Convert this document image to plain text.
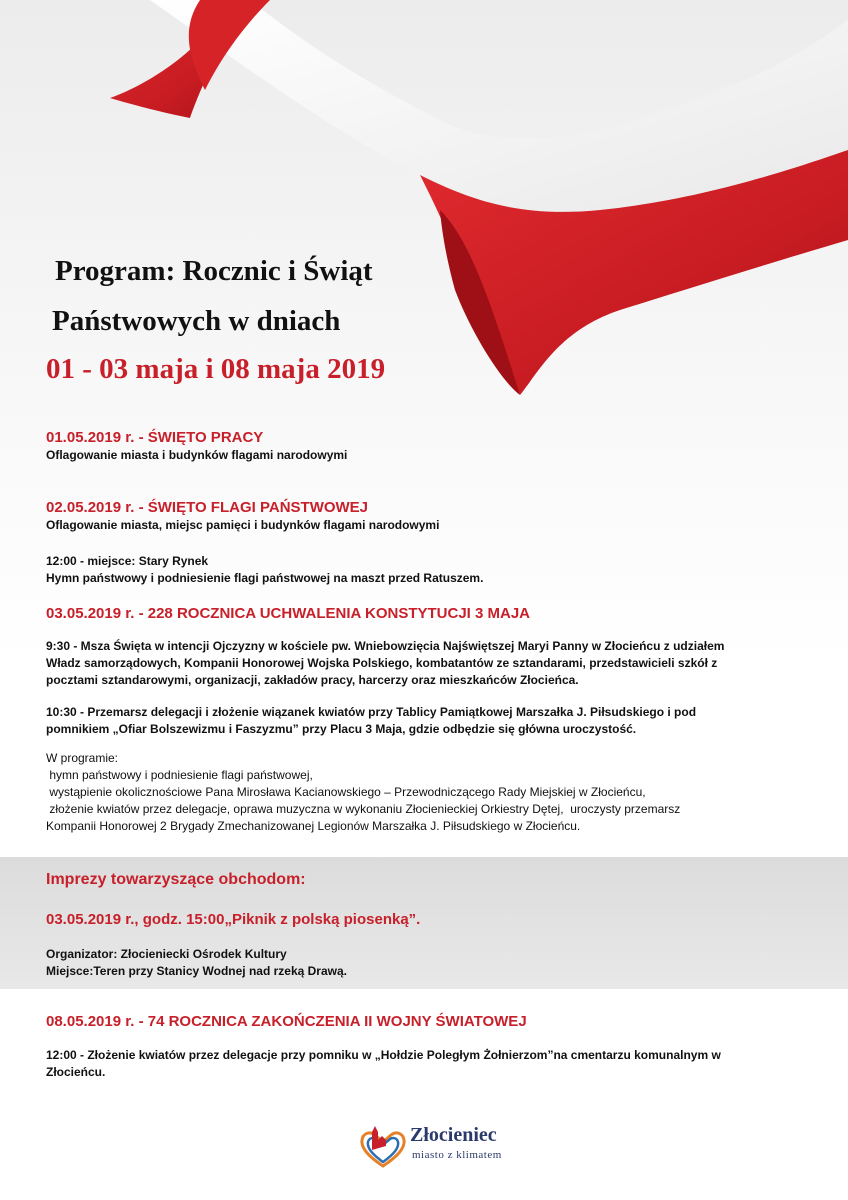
Program: Rocznic i Świąt
Państwowych w dniach
01 - 03 maja i 08 maja 2019
01.05.2019 r. - ŚWIĘTO PRACY
Oflagowanie miasta i budynków flagami narodowymi
02.05.2019 r. - ŚWIĘTO FLAGI PAŃSTWOWEJ
Oflagowanie miasta, miejsc pamięci i budynków flagami narodowymi
12:00 - miejsce: Stary Rynek
Hymn państwowy i podniesienie flagi państwowej na maszt przed Ratuszem.
03.05.2019 r. - 228 ROCZNICA UCHWALENIA KONSTYTUCJI 3 MAJA
9:30 - Msza Święta w intencji Ojczyzny w kościele pw. Wniebowzięcia Najświętszej Maryi Panny w Złocieńcu z udziałem
Władz samorządowych, Kompanii Honorowej Wojska Polskiego, kombatantów ze sztandarami, przedstawicieli szkół z
pocztami sztandarowymi, organizacji, zakładów pracy, harcerzy oraz mieszkańców Złocieńca.
10:30 - Przemarsz delegacji i złożenie wiązanek kwiatów przy Tablicy Pamiątkowej Marszałka J. Piłsudskiego i pod
pomnikiem „Ofiar Bolszewizmu i Faszyzmu” przy Placu 3 Maja, gdzie odbędzie się główna uroczystość.
W programie:
hymn państwowy i podniesienie flagi państwowej,
wystąpienie okolicznościowe Pana Mirosława Kacianowskiego – Przewodniczącego Rady Miejskiej w Złocieńcu,
złożenie kwiatów przez delegacje, oprawa muzyczna w wykonaniu Złocienieckiej Orkiestry Dętej,  uroczysty przemarsz
Kompanii Honorowej 2 Brygady Zmechanizowanej Legionów Marszałka J. Piłsudskiego w Złocieńcu.
Imprezy towarzyszące obchodom:
03.05.2019 r., godz. 15:00„Piknik z polską piosenką”.
Organizator: Złocieniecki Ośrodek Kultury
Miejsce:Teren przy Stanicy Wodnej nad rzeką Drawą.
08.05.2019 r. - 74 ROCZNICA ZAKOŃCZENIA II WOJNY ŚWIATOWEJ
12:00 - Złożenie kwiatów przez delegacje przy pomniku w „Hołdzie Poległym Żołnierzom”na cmentarzu komunalnym w
Złocieńcu.
Złocieniec
miasto z klimatem
